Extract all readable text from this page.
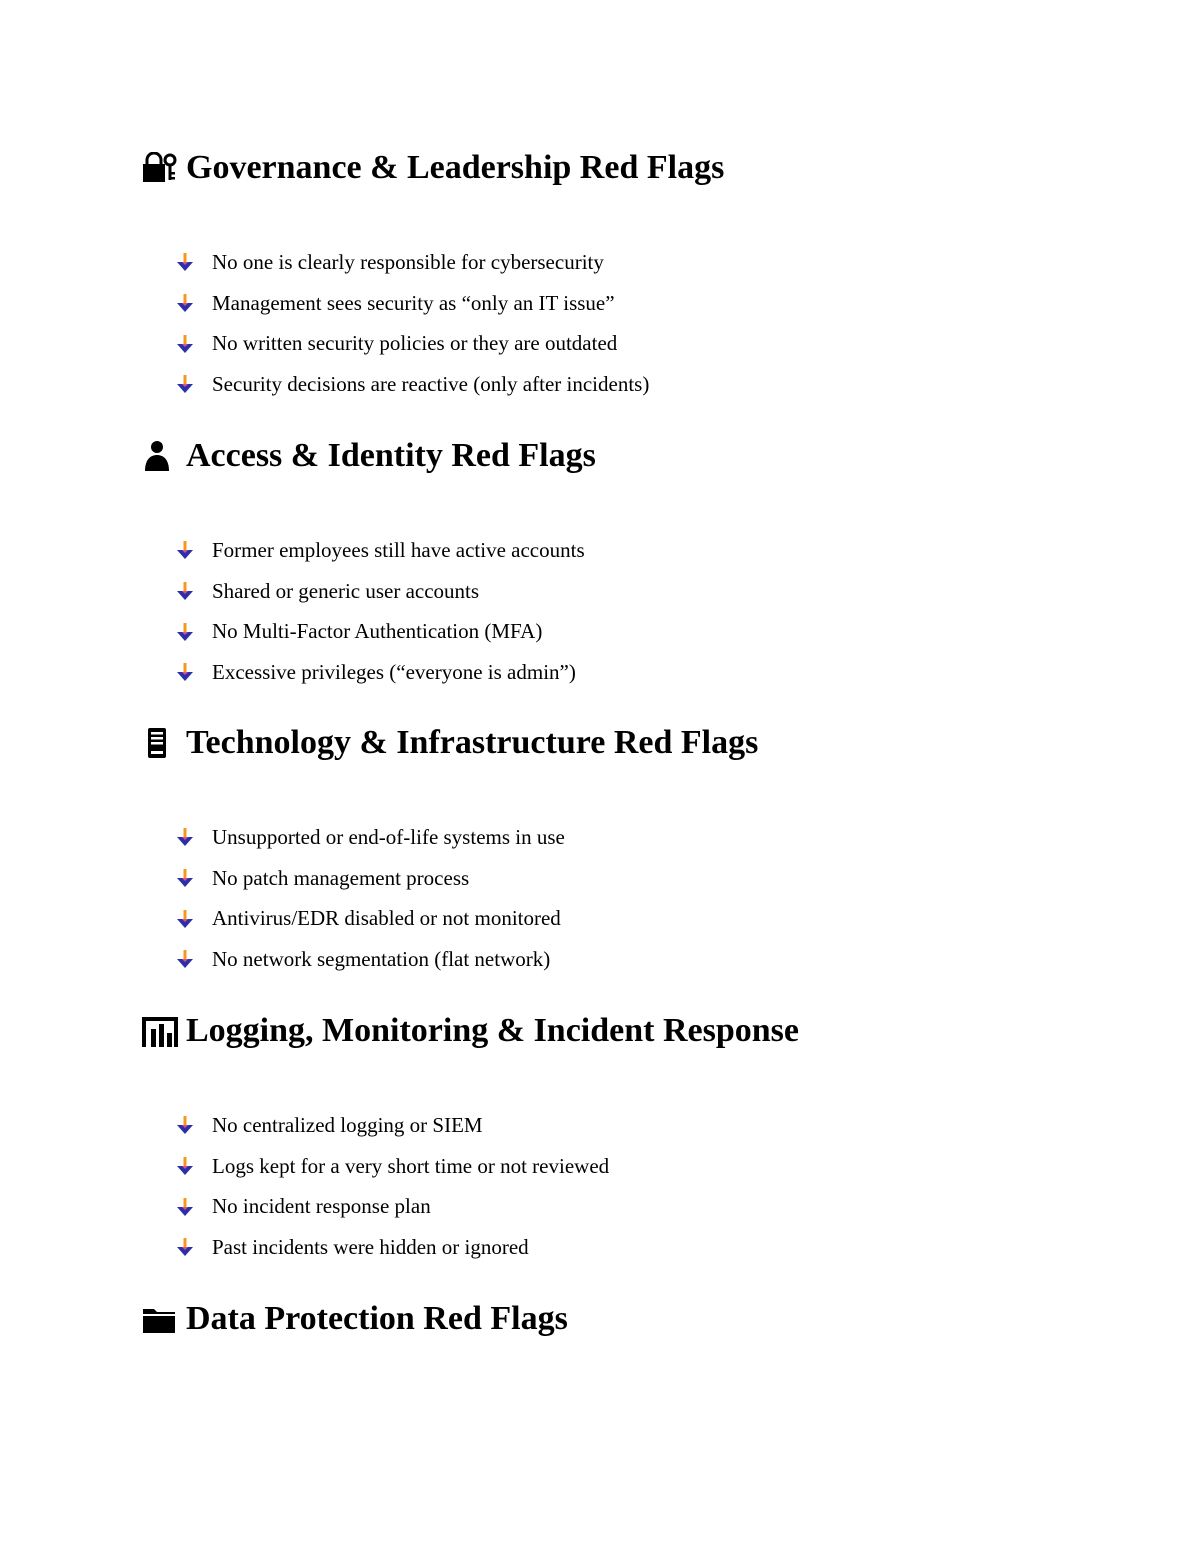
Governance & Leadership Red Flags
No one is clearly responsible for cybersecurity
Management sees security as “only an IT issue”
No written security policies or they are outdated
Security decisions are reactive (only after incidents)
Access & Identity Red Flags
Former employees still have active accounts
Shared or generic user accounts
No Multi-Factor Authentication (MFA)
Excessive privileges (“everyone is admin”)
Technology & Infrastructure Red Flags
Unsupported or end-of-life systems in use
No patch management process
Antivirus/EDR disabled or not monitored
No network segmentation (flat network)
Logging, Monitoring & Incident Response
No centralized logging or SIEM
Logs kept for a very short time or not reviewed
No incident response plan
Past incidents were hidden or ignored
Data Protection Red Flags
